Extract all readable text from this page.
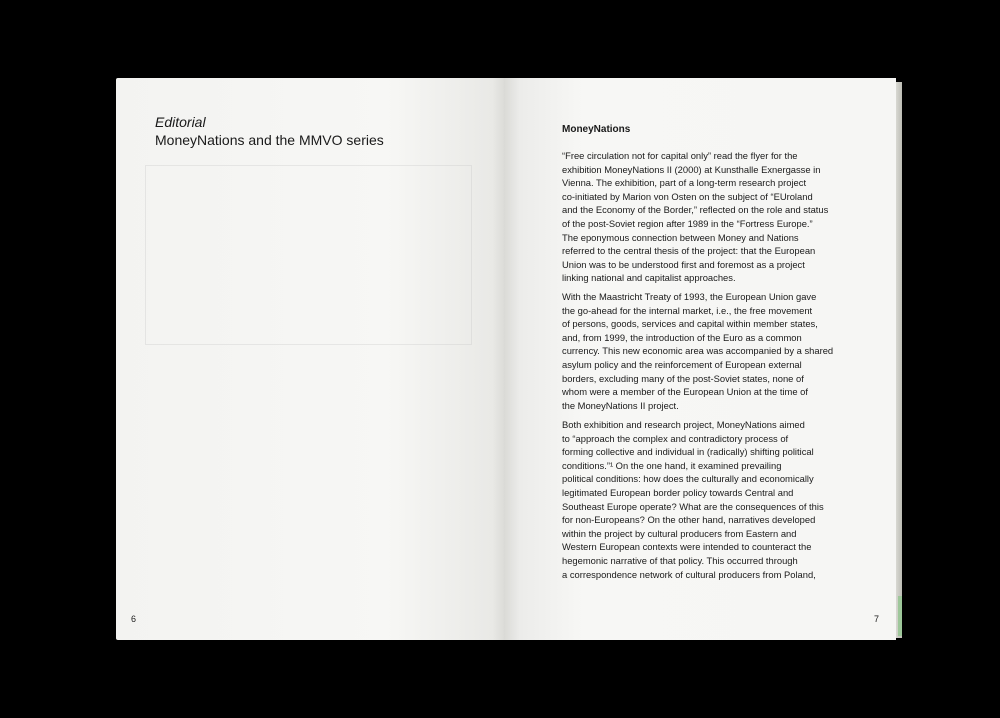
Editorial
MoneyNations and the MMVO series
6
MoneyNations

“Free circulation not for capital only” read the flyer for the
exhibition MoneyNations II (2000) at Kunsthalle Exnergasse in
Vienna. The exhibition, part of a long-term research project
co-initiated by Marion von Osten on the subject of “EUroland
and the Economy of the Border,” reflected on the role and status
of the post-Soviet region after 1989 in the “Fortress Europe.”
The eponymous connection between Money and Nations
referred to the central thesis of the project: that the European
Union was to be understood first and foremost as a project
linking national and capitalist approaches.

With the Maastricht Treaty of 1993, the European Union gave
the go-ahead for the internal market, i.e., the free movement
of persons, goods, services and capital within member states,
and, from 1999, the introduction of the Euro as a common
currency. This new economic area was accompanied by a shared
asylum policy and the reinforcement of European external
borders, excluding many of the post-Soviet states, none of
whom were a member of the European Union at the time of
the MoneyNations II project.

Both exhibition and research project, MoneyNations aimed
to “approach the complex and contradictory process of
forming collective and individual in (radically) shifting political
conditions.”¹ On the one hand, it examined prevailing
political conditions: how does the culturally and economically
legitimated European border policy towards Central and
Southeast Europe operate? What are the consequences of this
for non-Europeans? On the other hand, narratives developed
within the project by cultural producers from Eastern and
Western European contexts were intended to counteract the
hegemonic narrative of that policy. This occurred through
a correspondence network of cultural producers from Poland,

7
